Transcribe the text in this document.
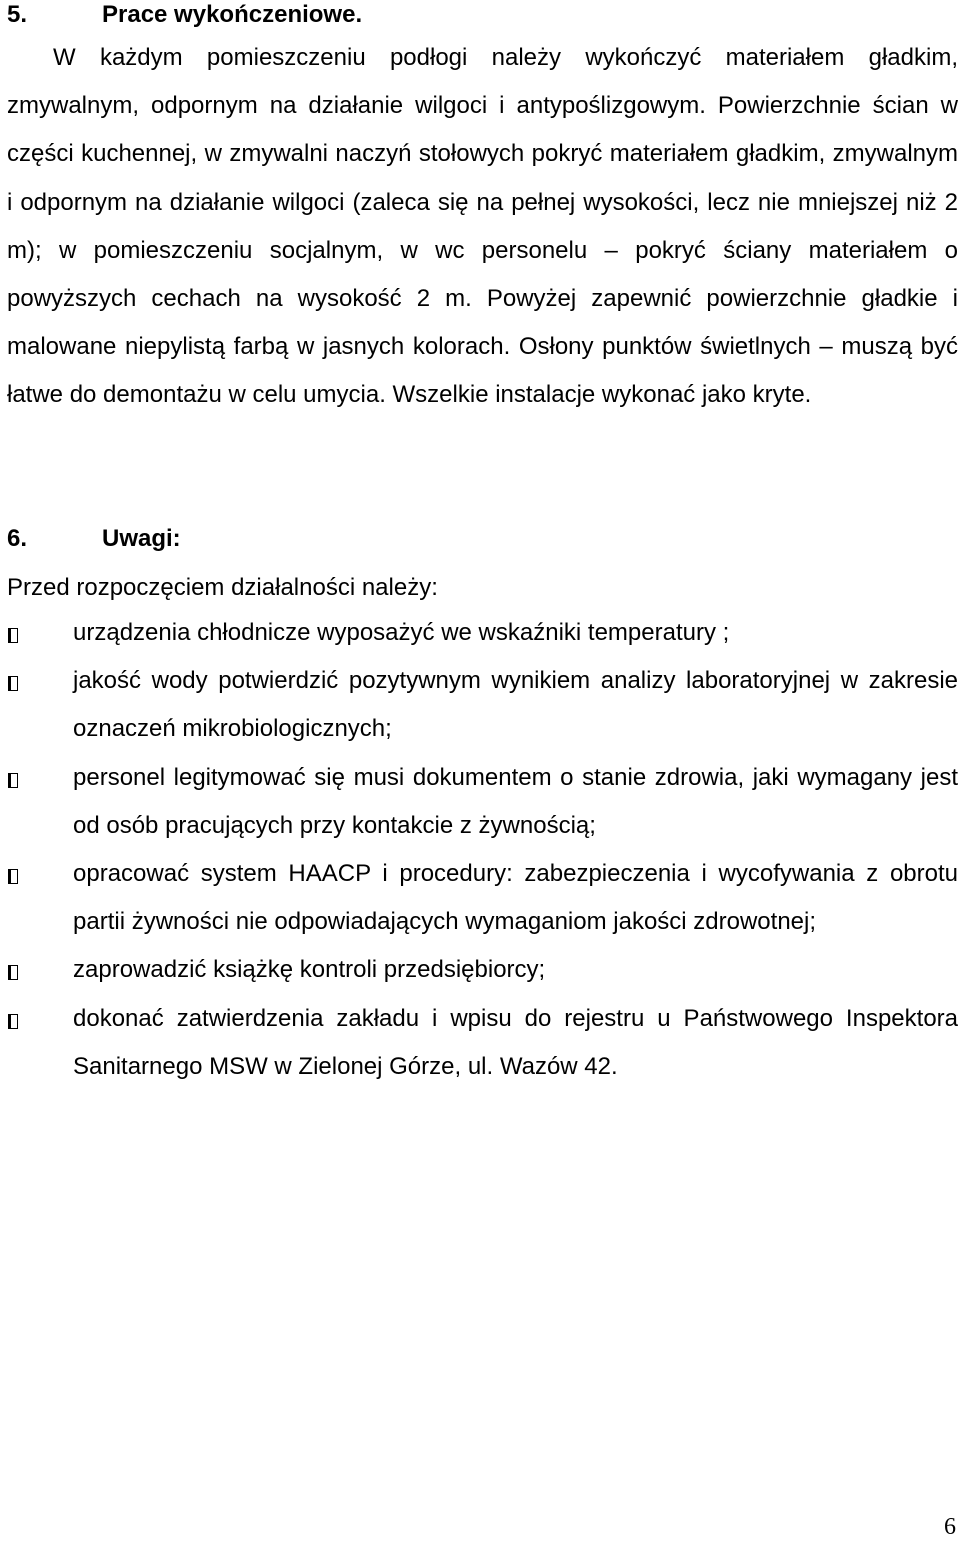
5.	Prace wykończeniowe.
W każdym pomieszczeniu podłogi należy wykończyć materiałem gładkim, zmywalnym, odpornym na działanie wilgoci i antypoślizgowym. Powierzchnie ścian w części kuchennej, w zmywalni naczyń stołowych pokryć materiałem gładkim, zmywalnym i odpornym na działanie wilgoci (zaleca się na pełnej wysokości, lecz nie mniejszej niż 2 m); w pomieszczeniu socjalnym, w wc personelu – pokryć ściany materiałem o powyższych cechach na wysokość 2 m. Powyżej zapewnić powierzchnie gładkie i malowane niepylistą farbą w jasnych kolorach. Osłony punktów świetlnych – muszą być łatwe do demontażu w celu umycia. Wszelkie instalacje wykonać jako kryte.
6.	Uwagi:
Przed rozpoczęciem działalności należy:
urządzenia chłodnicze wyposażyć we wskaźniki temperatury ;
jakość wody potwierdzić pozytywnym wynikiem analizy laboratoryjnej w zakresie oznaczeń mikrobiologicznych;
personel legitymować się musi dokumentem o stanie zdrowia, jaki wymagany jest od osób pracujących przy kontakcie z żywnością;
opracować system HAACP i procedury: zabezpieczenia i wycofywania z obrotu partii żywności nie odpowiadających wymaganiom jakości zdrowotnej;
zaprowadzić książkę kontroli przedsiębiorcy;
dokonać zatwierdzenia zakładu i wpisu do rejestru u Państwowego Inspektora Sanitarnego MSW w Zielonej Górze, ul. Wazów 42.
6
